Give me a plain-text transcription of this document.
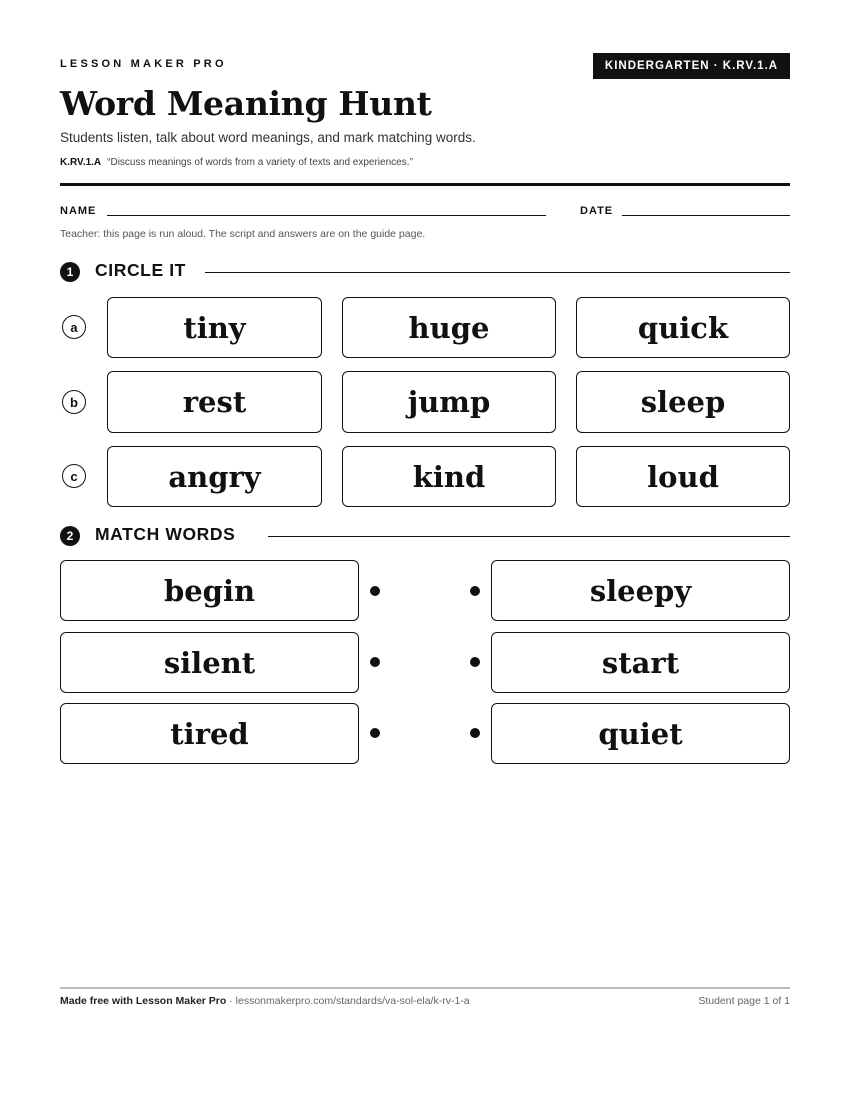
LESSON MAKER PRO	KINDERGARTEN · K.RV.1.A
Word Meaning Hunt
Students listen, talk about word meanings, and mark matching words.
K.RV.1.A “Discuss meanings of words from a variety of texts and experiences.”
NAME	DATE
Teacher: this page is run aloud. The script and answers are on the guide page.
1	CIRCLE IT
a	tiny	huge	quick
b	rest	jump	sleep
c	angry	kind	loud
2	MATCH WORDS
begin	sleepy
silent	start
tired	quiet
Made free with Lesson Maker Pro · lessonmakerpro.com/standards/va-sol-ela/k-rv-1-a	Student page 1 of 1
